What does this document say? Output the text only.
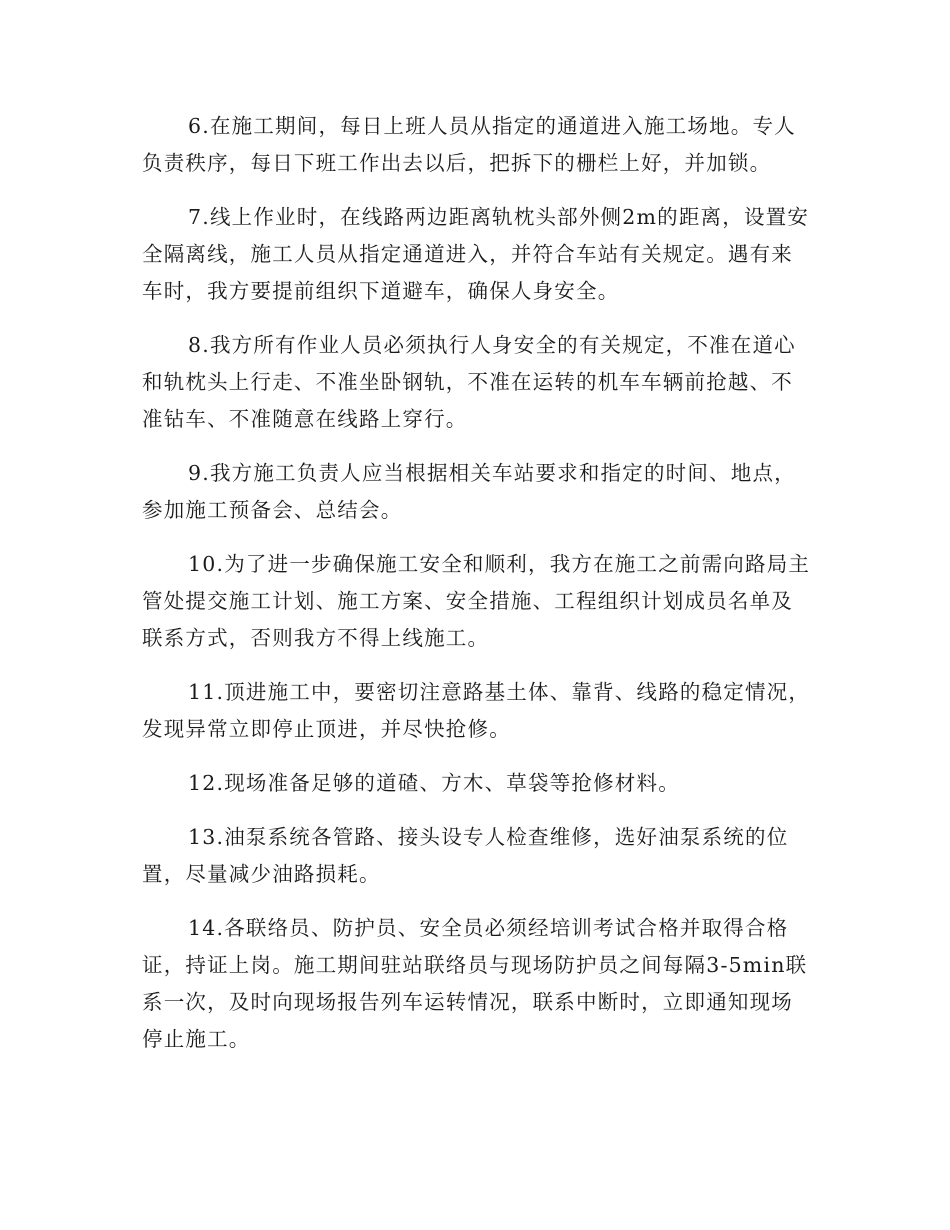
6.在施工期间，每日上班人员从指定的通道进入施工场地。专人
负责秩序，每日下班工作出去以后，把拆下的栅栏上好，并加锁。

7.线上作业时，在线路两边距离轨枕头部外侧2m的距离，设置安
全隔离线，施工人员从指定通道进入，并符合车站有关规定。遇有来
车时，我方要提前组织下道避车，确保人身安全。

8.我方所有作业人员必须执行人身安全的有关规定，不准在道心
和轨枕头上行走、不准坐卧钢轨，不准在运转的机车车辆前抢越、不
准钻车、不准随意在线路上穿行。

9.我方施工负责人应当根据相关车站要求和指定的时间、地点，
参加施工预备会、总结会。

10.为了进一步确保施工安全和顺利，我方在施工之前需向路局主
管处提交施工计划、施工方案、安全措施、工程组织计划成员名单及
联系方式，否则我方不得上线施工。

11.顶进施工中，要密切注意路基土体、靠背、线路的稳定情况，
发现异常立即停止顶进，并尽快抢修。

12.现场准备足够的道碴、方木、草袋等抢修材料。

13.油泵系统各管路、接头设专人检查维修，选好油泵系统的位
置，尽量减少油路损耗。

14.各联络员、防护员、安全员必须经培训考试合格并取得合格
证，持证上岗。施工期间驻站联络员与现场防护员之间每隔3-5min联
系一次，及时向现场报告列车运转情况，联系中断时，立即通知现场
停止施工。
